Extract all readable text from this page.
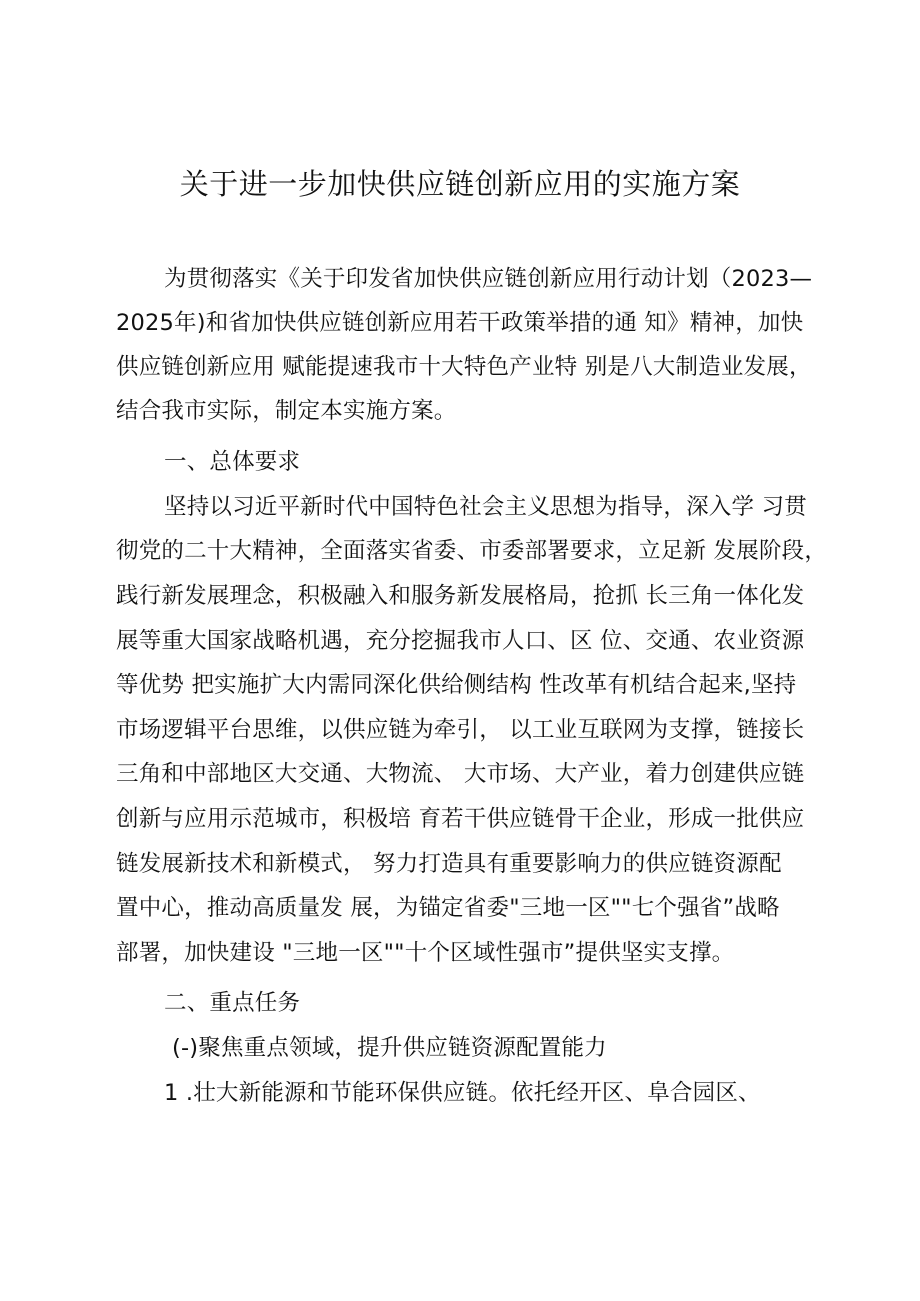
关于进一步加快供应链创新应用的实施方案
为贯彻落实《关于印发省加快供应链创新应用行动计划（2023—
2025年)和省加快供应链创新应用若干政策举措的通 知》精神，加快
供应链创新应用 赋能提速我市十大特色产业特 别是八大制造业发展，
结合我市实际，制定本实施方案。
一、总体要求
坚持以习近平新时代中国特色社会主义思想为指导，深入学 习贯
彻党的二十大精神，全面落实省委、市委部署要求，立足新 发展阶段，
践行新发展理念，积极融入和服务新发展格局，抢抓 长三角一体化发
展等重大国家战略机遇，充分挖掘我市人口、区 位、交通、农业资源
等优势 把实施扩大内需同深化供给侧结构 性改革有机结合起来,坚持
市场逻辑平台思维，以供应链为牵引， 以工业互联网为支撑，链接长
三角和中部地区大交通、大物流、 大市场、大产业，着力创建供应链
创新与应用示范城市，积极培 育若干供应链骨干企业，形成一批供应
链发展新技术和新模式， 努力打造具有重要影响力的供应链资源配
置中心，推动高质量发 展，为锚定省委"三地一区""七个强省”战略
部署，加快建设 "三地一区""十个区域性强市”提供坚实支撑。
二、重点任务
(-)聚焦重点领域，提升供应链资源配置能力
1 .壮大新能源和节能环保供应链。依托经开区、阜合园区、
